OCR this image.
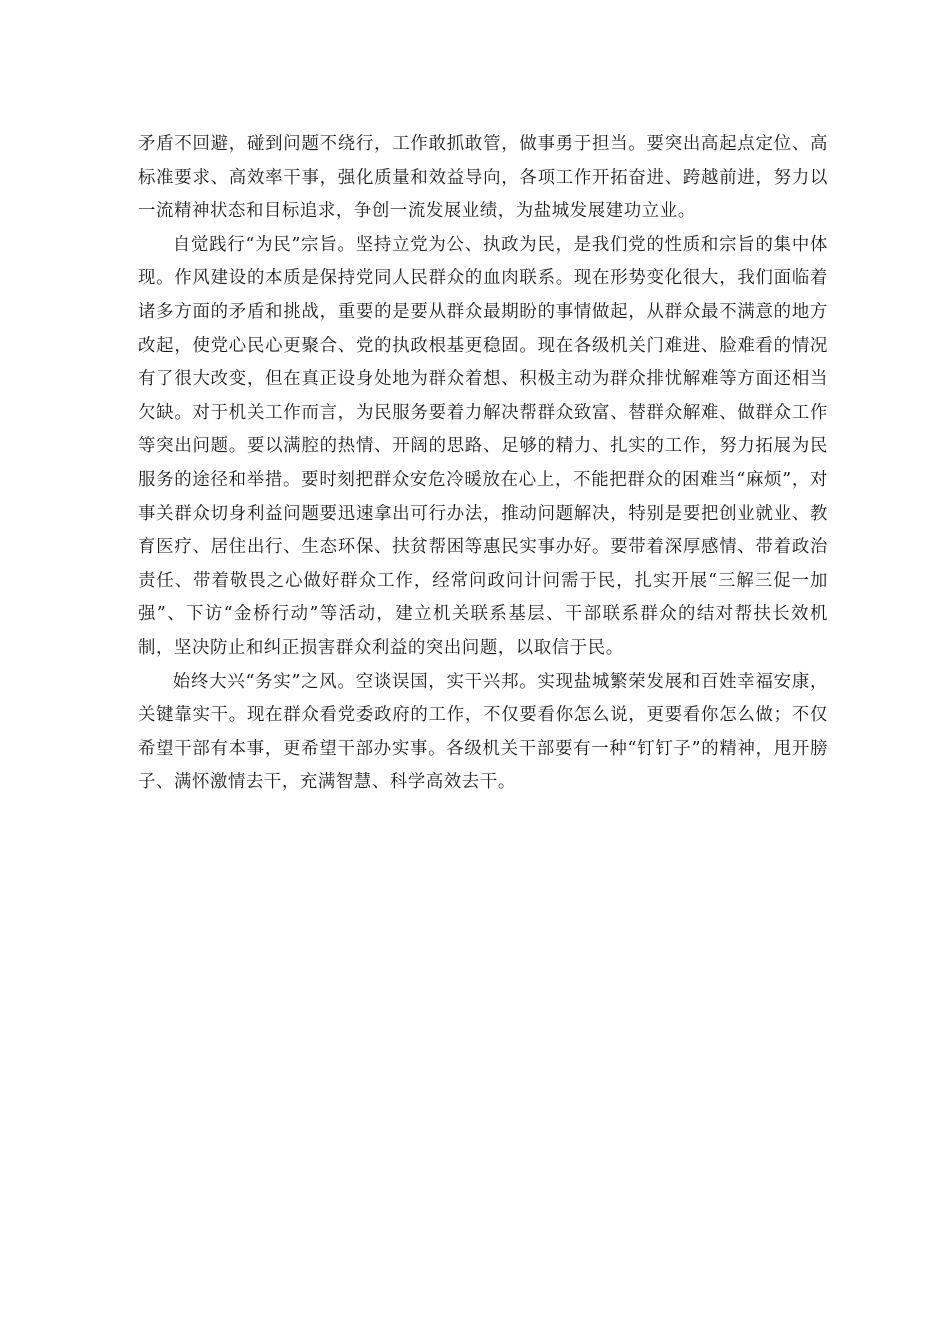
矛盾不回避，碰到问题不绕行，工作敢抓敢管，做事勇于担当。要突出高起点定位、高标准要求、高效率干事，强化质量和效益导向，各项工作开拓奋进、跨越前进，努力以一流精神状态和目标追求，争创一流发展业绩，为盐城发展建功立业。

自觉践行“为民”宗旨。坚持立党为公、执政为民，是我们党的性质和宗旨的集中体现。作风建设的本质是保持党同人民群众的血肉联系。现在形势变化很大，我们面临着诸多方面的矛盾和挑战，重要的是要从群众最期盼的事情做起，从群众最不满意的地方改起，使党心民心更聚合、党的执政根基更稳固。现在各级机关门难进、脸难看的情况有了很大改变，但在真正设身处地为群众着想、积极主动为群众排忧解难等方面还相当欠缺。对于机关工作而言，为民服务要着力解决帮群众致富、替群众解难、做群众工作等突出问题。要以满腔的热情、开阔的思路、足够的精力、扎实的工作，努力拓展为民服务的途径和举措。要时刻把群众安危冷暖放在心上，不能把群众的困难当“麻烦”，对事关群众切身利益问题要迅速拿出可行办法，推动问题解决，特别是要把创业就业、教育医疗、居住出行、生态环保、扶贫帮困等惠民实事办好。要带着深厚感情、带着政治责任、带着敬畏之心做好群众工作，经常问政问计问需于民，扎实开展“三解三促一加强”、下访“金桥行动”等活动，建立机关联系基层、干部联系群众的结对帮扶长效机制，坚决防止和纠正损害群众利益的突出问题，以取信于民。

始终大兴“务实”之风。空谈误国，实干兴邦。实现盐城繁荣发展和百姓幸福安康，关键靠实干。现在群众看党委政府的工作，不仅要看你怎么说，更要看你怎么做；不仅希望干部有本事，更希望干部办实事。各级机关干部要有一种“钉钉子”的精神，甩开膀子、满怀激情去干，充满智慧、科学高效去干。
